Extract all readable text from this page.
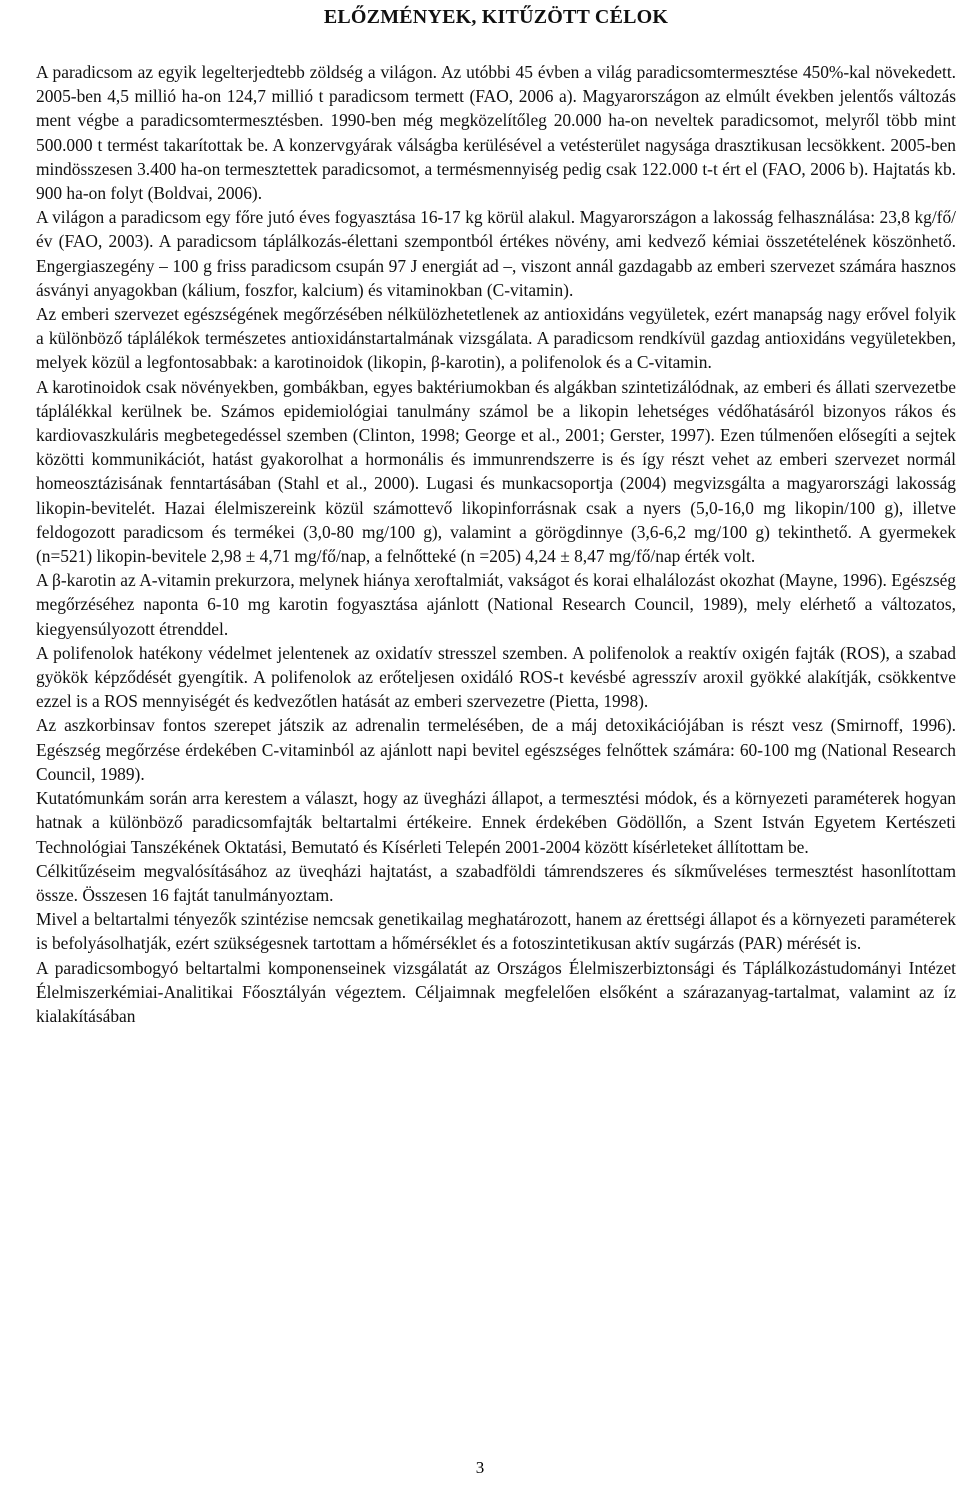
ELŐZMÉNYEK, KITŰZÖTT CÉLOK

A paradicsom az egyik legelterjedtebb zöldség a világon. Az utóbbi 45 évben a világ paradicsomtermesztése 450%-kal növekedett. 2005-ben 4,5 millió ha-on 124,7 millió t paradicsom termett (FAO, 2006 a). Magyarországon az elmúlt években jelentős változás ment végbe a paradicsomtermesztésben. 1990-ben még megközelítőleg 20.000 ha-on neveltek paradicsomot, melyről több mint 500.000 t termést takarítottak be. A konzervgyárak válságba kerülésével a vetésterület nagysága drasztikusan lecsökkent. 2005-ben mindösszesen 3.400 ha-on termesztettek paradicsomot, a termésmennyiség pedig csak 122.000 t-t ért el (FAO, 2006 b). Hajtatás kb. 900 ha-on folyt (Boldvai, 2006).

A világon a paradicsom egy főre jutó éves fogyasztása 16-17 kg körül alakul. Magyarországon a lakosság felhasználása: 23,8 kg/fő/év (FAO, 2003). A paradicsom táplálkozás-élettani szempontból értékes növény, ami kedvező kémiai összetételének köszönhető. Engergiaszegény – 100 g friss paradicsom csupán 97 J energiát ad –, viszont annál gazdagabb az emberi szervezet számára hasznos ásványi anyagokban (kálium, foszfor, kalcium) és vitaminokban (C-vitamin).

Az emberi szervezet egészségének megőrzésében nélkülözhetetlenek az antioxidáns vegyületek, ezért manapság nagy erővel folyik a különböző táplálékok természetes antioxidánstartalmának vizsgálata. A paradicsom rendkívül gazdag antioxidáns vegyületekben, melyek közül a legfontosabbak: a karotinoidok (likopin, β-karotin), a polifenolok és a C-vitamin.

A karotinoidok csak növényekben, gombákban, egyes baktériumokban és algákban szintetizálódnak, az emberi és állati szervezetbe táplálékkal kerülnek be. Számos epidemiológiai tanulmány számol be a likopin lehetséges védőhatásáról bizonyos rákos és kardiovaszkuláris megbetegedéssel szemben (Clinton, 1998; George et al., 2001; Gerster, 1997). Ezen túlmenően elősegíti a sejtek közötti kommunikációt, hatást gyakorolhat a hormonális és immunrendszerre is és így részt vehet az emberi szervezet normál homeosztázisának fenntartásában (Stahl et al., 2000). Lugasi és munkacsoportja (2004) megvizsgálta a magyarországi lakosság likopin-bevitelét. Hazai élelmiszereink közül számottevő likopinforrásnak csak a nyers (5,0-16,0 mg likopin/100 g), illetve feldogozott paradicsom és termékei (3,0-80 mg/100 g), valamint a görögdinnye (3,6-6,2 mg/100 g) tekinthető. A gyermekek (n=521) likopin-bevitele 2,98 ± 4,71 mg/fő/nap, a felnőtteké (n =205) 4,24 ± 8,47 mg/fő/nap érték volt.

A β-karotin az A-vitamin prekurzora, melynek hiánya xeroftalmiát, vakságot és korai elhalálozást okozhat (Mayne, 1996). Egészség megőrzéséhez naponta 6-10 mg karotin fogyasztása ajánlott (National Research Council, 1989), mely elérhető a változatos, kiegyensúlyozott étrenddel.

A polifenolok hatékony védelmet jelentenek az oxidatív stresszel szemben. A polifenolok a reaktív oxigén fajták (ROS), a szabad gyökök képződését gyengítik. A polifenolok az erőteljesen oxidáló ROS-t kevésbé agresszív aroxil gyökké alakítják, csökkentve ezzel is a ROS mennyiségét és kedvezőtlen hatását az emberi szervezetre (Pietta, 1998).

Az aszkorbinsav fontos szerepet játszik az adrenalin termelésében, de a máj detoxikációjában is részt vesz (Smirnoff, 1996). Egészség megőrzése érdekében C-vitaminból az ajánlott napi bevitel egészséges felnőttek számára: 60-100 mg (National Research Council, 1989).

Kutatómunkám során arra kerestem a választ, hogy az üvegházi állapot, a termesztési módok, és a környezeti paraméterek hogyan hatnak a különböző paradicsomfajták beltartalmi értékeire. Ennek érdekében Gödöllőn, a Szent István Egyetem Kertészeti Technológiai Tanszékének Oktatási, Bemutató és Kísérleti Telepén 2001-2004 között kísérleteket állítottam be.

Célkitűzéseim megvalósításához az üveqházi hajtatást, a szabadföldi támrendszeres és síkműveléses termesztést hasonlítottam össze. Összesen 16 fajtát tanulmányoztam.

Mivel a beltartalmi tényezők szintézise nemcsak genetikailag meghatározott, hanem az érettségi állapot és a környezeti paraméterek is befolyásolhatják, ezért szükségesnek tartottam a hőmérséklet és a fotoszintetikusan aktív sugárzás (PAR) mérését is.

A paradicsombogyó beltartalmi komponenseinek vizsgálatát az Országos Élelmiszerbiztonsági és Táplálkozástudományi Intézet Élelmiszerkémiai-Analitikai Főosztályán végeztem. Céljaimnak megfelelően elsőként a szárazanyag-tartalmat, valamint az íz kialakításában

3
